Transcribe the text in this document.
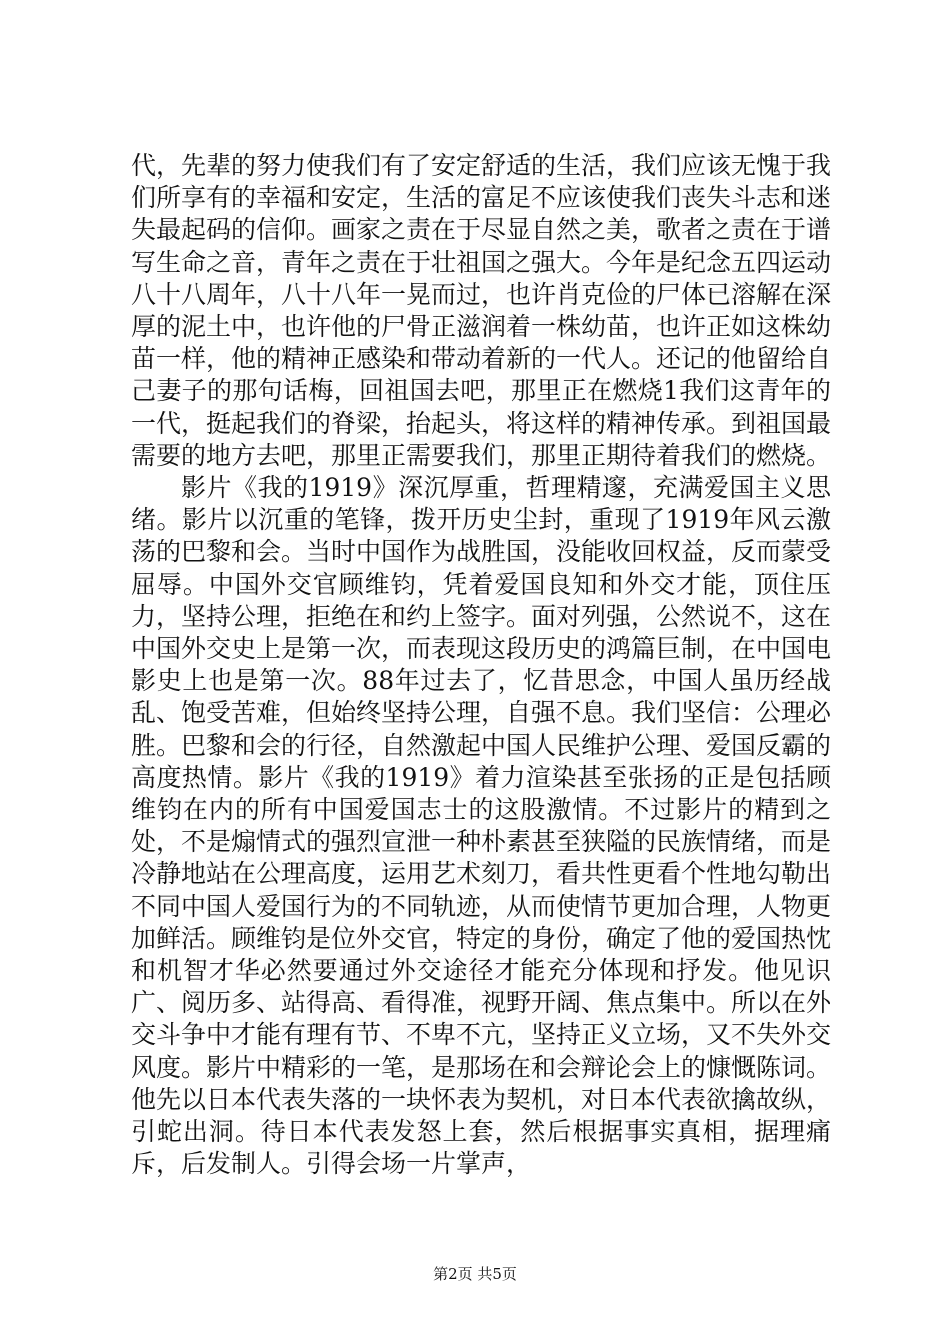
代，先辈的努力使我们有了安定舒适的生活，我们应该无愧于我们所享有的幸福和安定，生活的富足不应该使我们丧失斗志和迷失最起码的信仰。画家之责在于尽显自然之美，歌者之责在于谱写生命之音，青年之责在于壮祖国之强大。今年是纪念五四运动八十八周年，八十八年一晃而过，也许肖克俭的尸体已溶解在深厚的泥土中，也许他的尸骨正滋润着一株幼苗，也许正如这株幼苗一样，他的精神正感染和带动着新的一代人。还记的他留给自己妻子的那句话梅，回祖国去吧，那里正在燃烧1我们这青年的一代，挺起我们的脊梁，抬起头，将这样的精神传承。到祖国最需要的地方去吧，那里正需要我们，那里正期待着我们的燃烧。

影片《我的1919》深沉厚重，哲理精邃，充满爱国主义思绪。影片以沉重的笔锋，拨开历史尘封，重现了1919年风云激荡的巴黎和会。当时中国作为战胜国，没能收回权益，反而蒙受屈辱。中国外交官顾维钧，凭着爱国良知和外交才能，顶住压力，坚持公理，拒绝在和约上签字。面对列强，公然说不，这在中国外交史上是第一次，而表现这段历史的鸿篇巨制，在中国电影史上也是第一次。88年过去了，忆昔思念，中国人虽历经战乱、饱受苦难，但始终坚持公理，自强不息。我们坚信：公理必胜。巴黎和会的行径，自然激起中国人民维护公理、爱国反霸的高度热情。影片《我的1919》着力渲染甚至张扬的正是包括顾维钧在内的所有中国爱国志士的这股激情。不过影片的精到之处，不是煽情式的强烈宣泄一种朴素甚至狭隘的民族情绪，而是冷静地站在公理高度，运用艺术刻刀，看共性更看个性地勾勒出不同中国人爱国行为的不同轨迹，从而使情节更加合理，人物更加鲜活。顾维钧是位外交官，特定的身份，确定了他的爱国热忱和机智才华必然要通过外交途径才能充分体现和抒发。他见识广、阅历多、站得高、看得准，视野开阔、焦点集中。所以在外交斗争中才能有理有节、不卑不亢，坚持正义立场，又不失外交风度。影片中精彩的一笔，是那场在和会辩论会上的慷慨陈词。他先以日本代表失落的一块怀表为契机，对日本代表欲擒故纵，引蛇出洞。待日本代表发怒上套，然后根据事实真相，据理痛斥，后发制人。引得会场一片掌声，

第2页 共5页
